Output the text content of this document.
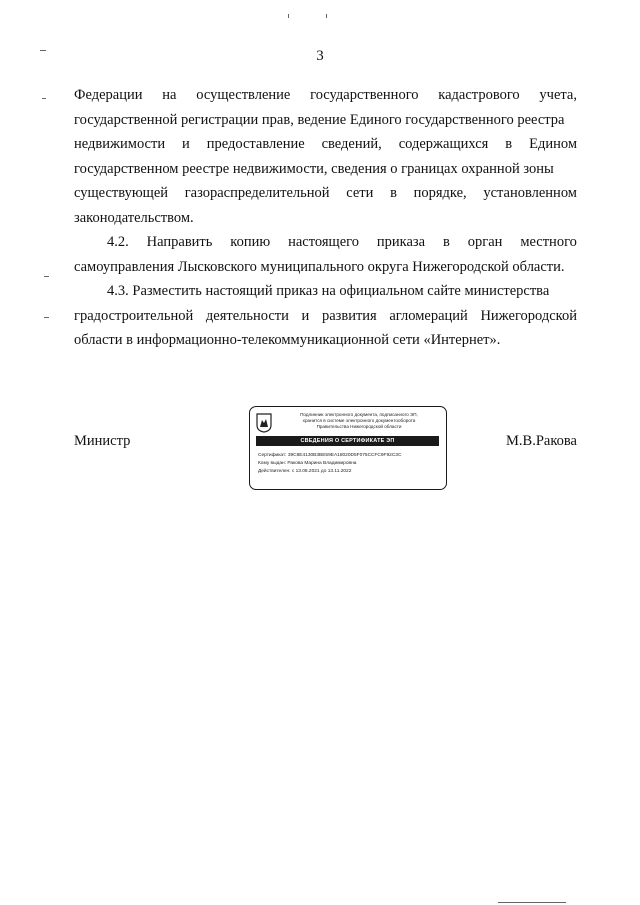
3
Федерации на осуществление государственного кадастрового учета,
государственной регистрации прав, ведение Единого государственного реестра
недвижимости и предоставление сведений, содержащихся в Едином
государственном реестре недвижимости, сведения о границах охранной зоны
существующей газораспределительной сети в порядке, установленном
законодательством.
4.2. Направить копию настоящего приказа в орган местного
самоуправления Лысковского муниципального округа Нижегородской области.
4.3. Разместить настоящий приказ на официальном сайте министерства
градостроительной деятельности и развития агломераций Нижегородской
области в информационно-телекоммуникационной сети «Интернет».
Министр	М.В.Ракова
Подлинник электронного документа, подписанного ЭП,
хранится в системе электронного документооборота
Правительства Нижегородской области
СВЕДЕНИЯ О СЕРТИФИКАТЕ ЭП
Сертификат: 39C8E4130B3BE59EA18020D5F075CCFC9F92C3C
Кому выдан: Ракова Марина Владимировна
Действителен: с 13.08.2021 до 13.11.2022
